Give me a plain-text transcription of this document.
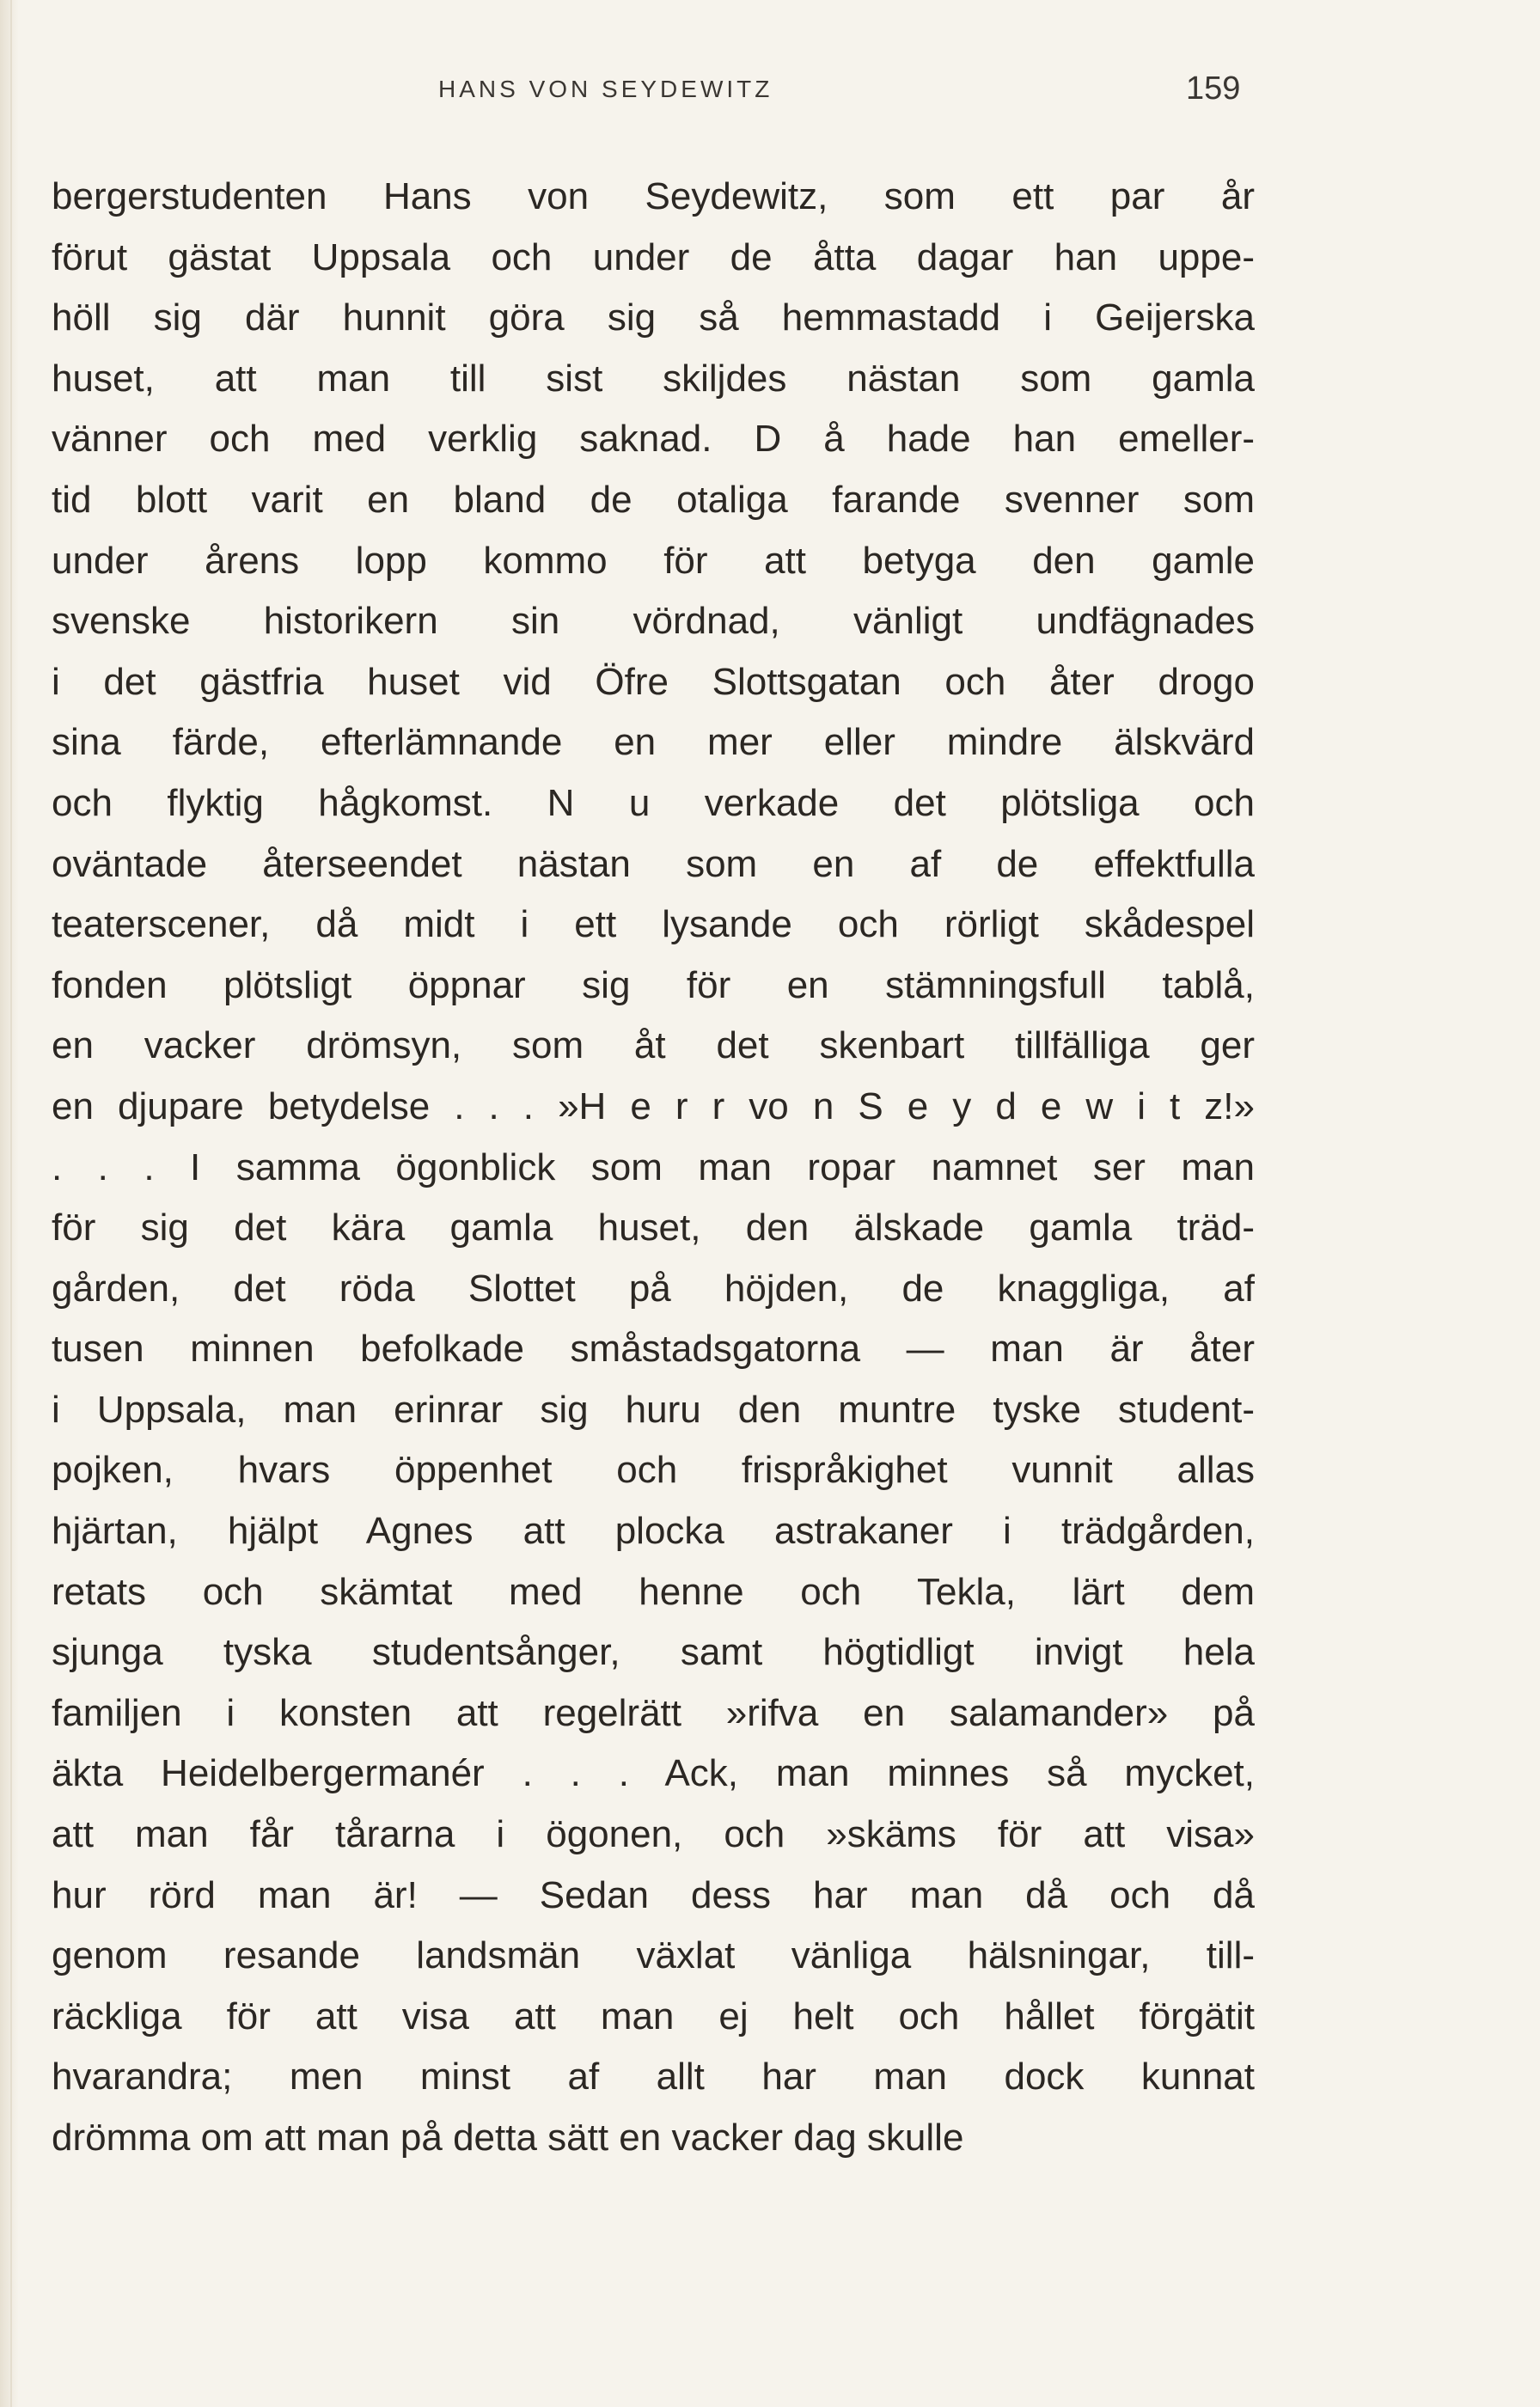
HANS VON SEYDEWITZ	159
bergerstudenten Hans von Seydewitz, som ett par år
förut gästat Uppsala och under de åtta dagar han uppe-
höll sig där hunnit göra sig så hemmastadd i Geijerska
huset, att man till sist skiljdes nästan som gamla
vänner och med verklig saknad. D å hade han emeller-
tid blott varit en bland de otaliga farande svenner som
under årens lopp kommo för att betyga den gamle
svenske historikern sin vördnad, vänligt undfägnades
i det gästfria huset vid Öfre Slottsgatan och åter drogo
sina färde, efterlämnande en mer eller mindre älskvärd
och flyktig hågkomst. N u verkade det plötsliga och
oväntade återseendet nästan som en af de effektfulla
teaterscener, då midt i ett lysande och rörligt skådespel
fonden plötsligt öppnar sig för en stämningsfull tablå,
en vacker drömsyn, som åt det skenbart tillfälliga ger
en djupare betydelse . . . »H e r r vo n S e y d e w i t z!»
. . . I samma ögonblick som man ropar namnet ser man
för sig det kära gamla huset, den älskade gamla träd-
gården, det röda Slottet på höjden, de knaggliga, af
tusen minnen befolkade småstadsgatorna — man är åter
i Uppsala, man erinrar sig huru den muntre tyske student-
pojken, hvars öppenhet och frispråkighet vunnit allas
hjärtan, hjälpt Agnes att plocka astrakaner i trädgården,
retats och skämtat med henne och Tekla, lärt dem
sjunga tyska studentsånger, samt högtidligt invigt hela
familjen i konsten att regelrätt »rifva en salamander» på
äkta Heidelbergermanér . . . Ack, man minnes så mycket,
att man får tårarna i ögonen, och »skäms för att visa»
hur rörd man är! — Sedan dess har man då och då
genom resande landsmän växlat vänliga hälsningar, till-
räckliga för att visa att man ej helt och hållet förgätit
hvarandra; men minst af allt har man dock kunnat
drömma om att man på detta sätt en vacker dag skulle
